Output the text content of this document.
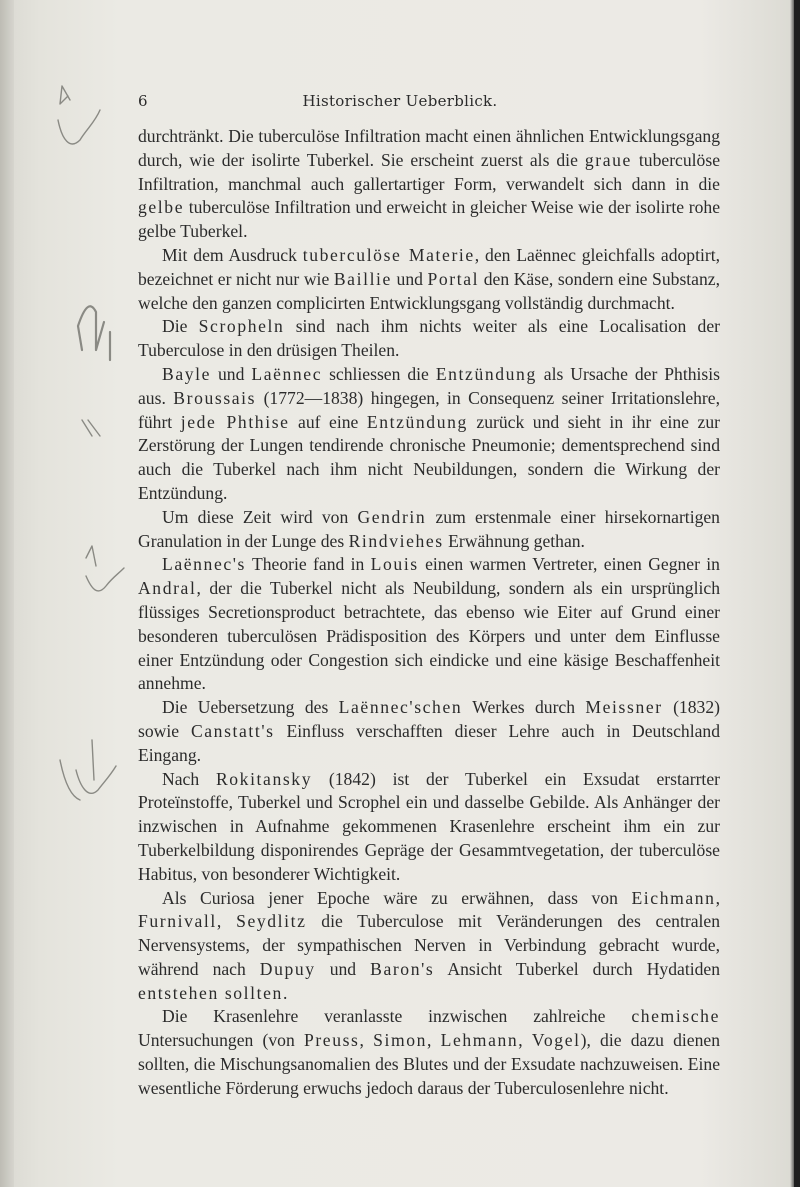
6	Historischer Ueberblick.

durchtränkt. Die tuberculöse Infiltration macht einen ähnlichen Entwicklungsgang durch, wie der isolirte Tuberkel. Sie erscheint zuerst als die graue tuberculöse Infiltration, manchmal auch gallertartiger Form, verwandelt sich dann in die gelbe tuberculöse Infiltration und erweicht in gleicher Weise wie der isolirte rohe gelbe Tuberkel.

Mit dem Ausdruck tuberculöse Materie, den Laënnec gleichfalls adoptirt, bezeichnet er nicht nur wie Baillie und Portal den Käse, sondern eine Substanz, welche den ganzen complicirten Entwicklungsgang vollständig durchmacht.

Die Scropheln sind nach ihm nichts weiter als eine Localisation der Tuberculose in den drüsigen Theilen.

Bayle und Laënnec schliessen die Entzündung als Ursache der Phthisis aus. Broussais (1772—1838) hingegen, in Consequenz seiner Irritationslehre, führt jede Phthise auf eine Entzündung zurück und sieht in ihr eine zur Zerstörung der Lungen tendirende chronische Pneumonie; dementsprechend sind auch die Tuberkel nach ihm nicht Neubildungen, sondern die Wirkung der Entzündung.

Um diese Zeit wird von Gendrin zum erstenmale einer hirsekornartigen Granulation in der Lunge des Rindviehes Erwähnung gethan.

Laënnec's Theorie fand in Louis einen warmen Vertreter, einen Gegner in Andral, der die Tuberkel nicht als Neubildung, sondern als ein ursprünglich flüssiges Secretionsproduct betrachtete, das ebenso wie Eiter auf Grund einer besonderen tuberculösen Prädisposition des Körpers und unter dem Einflusse einer Entzündung oder Congestion sich eindicke und eine käsige Beschaffenheit annehme.

Die Uebersetzung des Laënnec'schen Werkes durch Meissner (1832) sowie Canstatt's Einfluss verschafften dieser Lehre auch in Deutschland Eingang.

Nach Rokitansky (1842) ist der Tuberkel ein Exsudat erstarrter Proteïnstoffe, Tuberkel und Scrophel ein und dasselbe Gebilde. Als Anhänger der inzwischen in Aufnahme gekommenen Krasenlehre erscheint ihm ein zur Tuberkelbildung disponirendes Gepräge der Gesammtvegetation, der tuberculöse Habitus, von besonderer Wichtigkeit.

Als Curiosa jener Epoche wäre zu erwähnen, dass von Eichmann, Furnivall, Seydlitz die Tuberculose mit Veränderungen des centralen Nervensystems, der sympathischen Nerven in Verbindung gebracht wurde, während nach Dupuy und Baron's Ansicht Tuberkel durch Hydatiden entstehen sollten.

Die Krasenlehre veranlasste inzwischen zahlreiche chemische Untersuchungen (von Preuss, Simon, Lehmann, Vogel), die dazu dienen sollten, die Mischungsanomalien des Blutes und der Exsudate nachzuweisen. Eine wesentliche Förderung erwuchs jedoch daraus der Tuberculosenlehre nicht.
